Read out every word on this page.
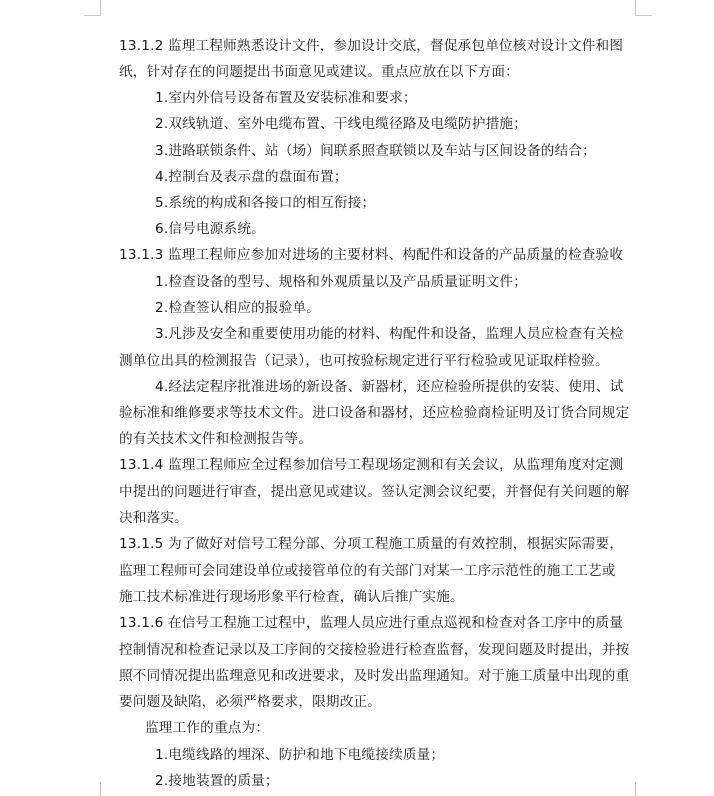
13.1.2 监理工程师熟悉设计文件，参加设计交底，督促承包单位核对设计文件和图
纸，针对存在的问题提出书面意见或建议。重点应放在以下方面：
1.室内外信号设备布置及安装标准和要求；
2.双线轨道、室外电缆布置、干线电缆径路及电缆防护措施；
3.进路联锁条件、站（场）间联系照查联锁以及车站与区间设备的结合；
4.控制台及表示盘的盘面布置；
5.系统的构成和各接口的相互衔接；
6.信号电源系统。
13.1.3 监理工程师应参加对进场的主要材料、构配件和设备的产品质量的检查验收
1.检查设备的型号、规格和外观质量以及产品质量证明文件；
2.检查签认相应的报验单。
3.凡涉及安全和重要使用功能的材料、构配件和设备，监理人员应检查有关检
测单位出具的检测报告（记录），也可按验标规定进行平行检验或见证取样检验。
4.经法定程序批准进场的新设备、新器材，还应检验所提供的安装、使用、试
验标准和维修要求等技术文件。进口设备和器材，还应检验商检证明及订货合同规定
的有关技术文件和检测报告等。
13.1.4 监理工程师应全过程参加信号工程现场定测和有关会议，从监理角度对定测
中提出的问题进行审查，提出意见或建议。签认定测会议纪要，并督促有关问题的解
决和落实。
13.1.5 为了做好对信号工程分部、分项工程施工质量的有效控制，根据实际需要，
监理工程师可会同建设单位或接管单位的有关部门对某一工序示范性的施工工艺或
施工技术标准进行现场形象平行检查，确认后推广实施。
13.1.6 在信号工程施工过程中，监理人员应进行重点巡视和检查对各工序中的质量
控制情况和检查记录以及工序间的交接检验进行检查监督，发现问题及时提出，并按
照不同情况提出监理意见和改进要求，及时发出监理通知。对于施工质量中出现的重
要问题及缺陷，必须严格要求，限期改正。
监理工作的重点为：
1.电缆线路的埋深、防护和地下电缆接续质量；
2.接地装置的质量；
